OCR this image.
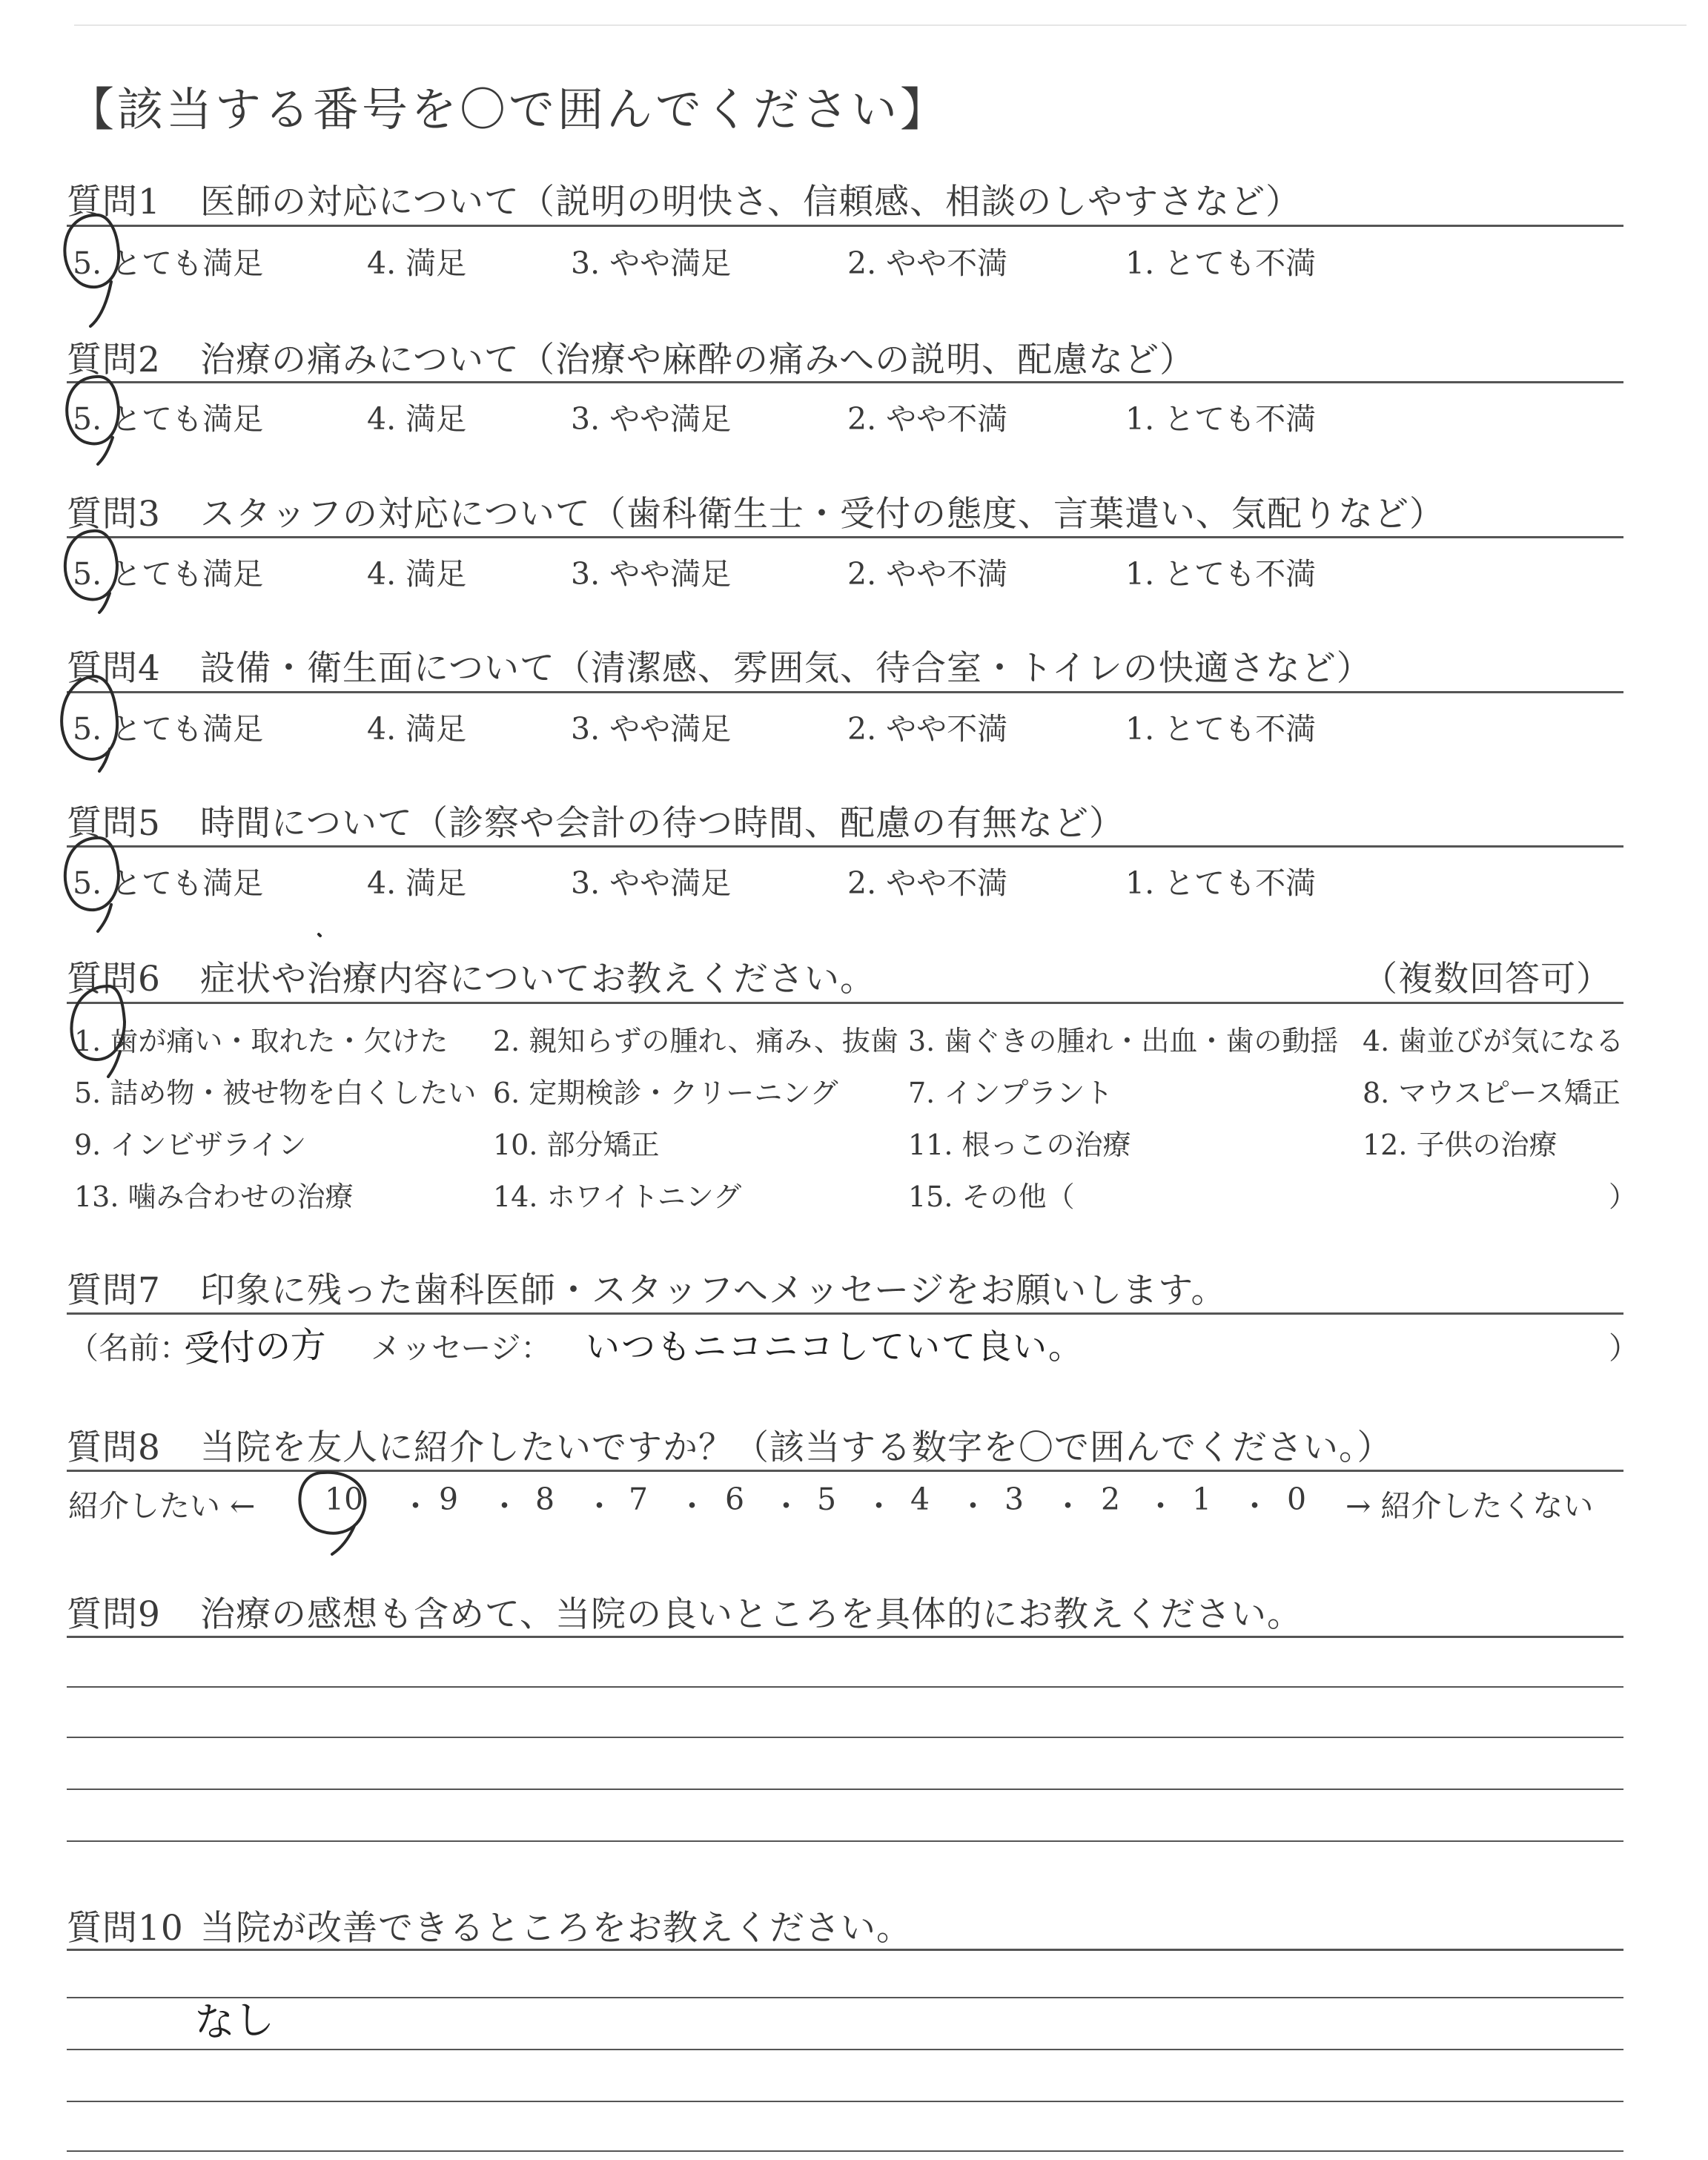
【該当する番号を〇で囲んでください】
質問1 医師の対応について（説明の明快さ、信頼感、相談のしやすさなど）
5. とても満足	4. 満足	3. やや満足	2. やや不満	1. とても不満
質問2 治療の痛みについて（治療や麻酔の痛みへの説明、配慮など）
5. とても満足	4. 満足	3. やや満足	2. やや不満	1. とても不満
質問3 スタッフの対応について（歯科衛生士・受付の態度、言葉遣い、気配りなど）
5. とても満足	4. 満足	3. やや満足	2. やや不満	1. とても不満
質問4 設備・衛生面について（清潔感、雰囲気、待合室・トイレの快適さなど）
5. とても満足	4. 満足	3. やや満足	2. やや不満	1. とても不満
質問5 時間について（診察や会計の待つ時間、配慮の有無など）
5. とても満足	4. 満足	3. やや満足	2. やや不満	1. とても不満
質問6 症状や治療内容についてお教えください。	（複数回答可）
1. 歯が痛い・取れた・欠けた 2. 親知らずの腫れ、痛み、抜歯 3. 歯ぐきの腫れ・出血・歯の動揺 4. 歯並びが気になる
5. 詰め物・被せ物を白くしたい 6. 定期検診・クリーニング 7. インプラント	8. マウスピース矯正
9. インビザライン	10. 部分矯正	11. 根っこの治療	12. 子供の治療
13. 噛み合わせの治療	14. ホワイトニング	15. その他（	）
質問7 印象に残った歯科医師・スタッフへメッセージをお願いします。
（名前：
受付の方 メッセージ： いつもニコニコしていて良い。	）
質問8 当院を友人に紹介したいですか？（該当する数字を〇で囲んでください。）
紹介したい ← 10 9	8 7	6 5 4 3	2 1 0
・ ・ ・ ・ ・ ・ ・ ・ ・ ・ → 紹介したくない
質問9 治療の感想も含めて、当院の良いところを具体的にお教えください。
質問10 当院が改善できるところをお教えください。
なし
